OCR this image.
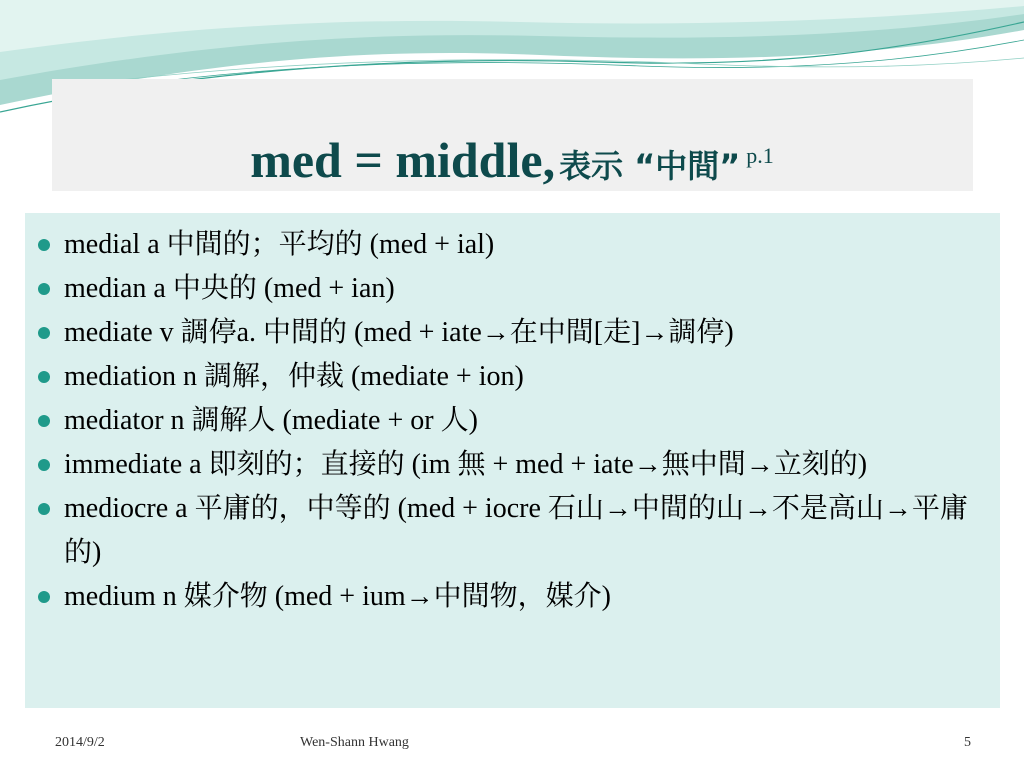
med = middle, 表示 “中間” $^{p.1}$
medial a 中間的；平均的 (med + ial)
median a 中央的 (med + ian)
mediate v 調停a. 中間的 (med + iate→在中間[走]→調停)
mediation n 調解，仲裁 (mediate + ion)
mediator n 調解人 (mediate + or 人)
immediate a 即刻的；直接的 (im 無 + med + iate→無中間→立刻的)
mediocre a 平庸的，中等的 (med + iocre 石山→中間的山→不是高山→平庸的)
medium n 媒介物 (med + ium→中間物，媒介)
2014/9/2	Wen-Shann Hwang	5
